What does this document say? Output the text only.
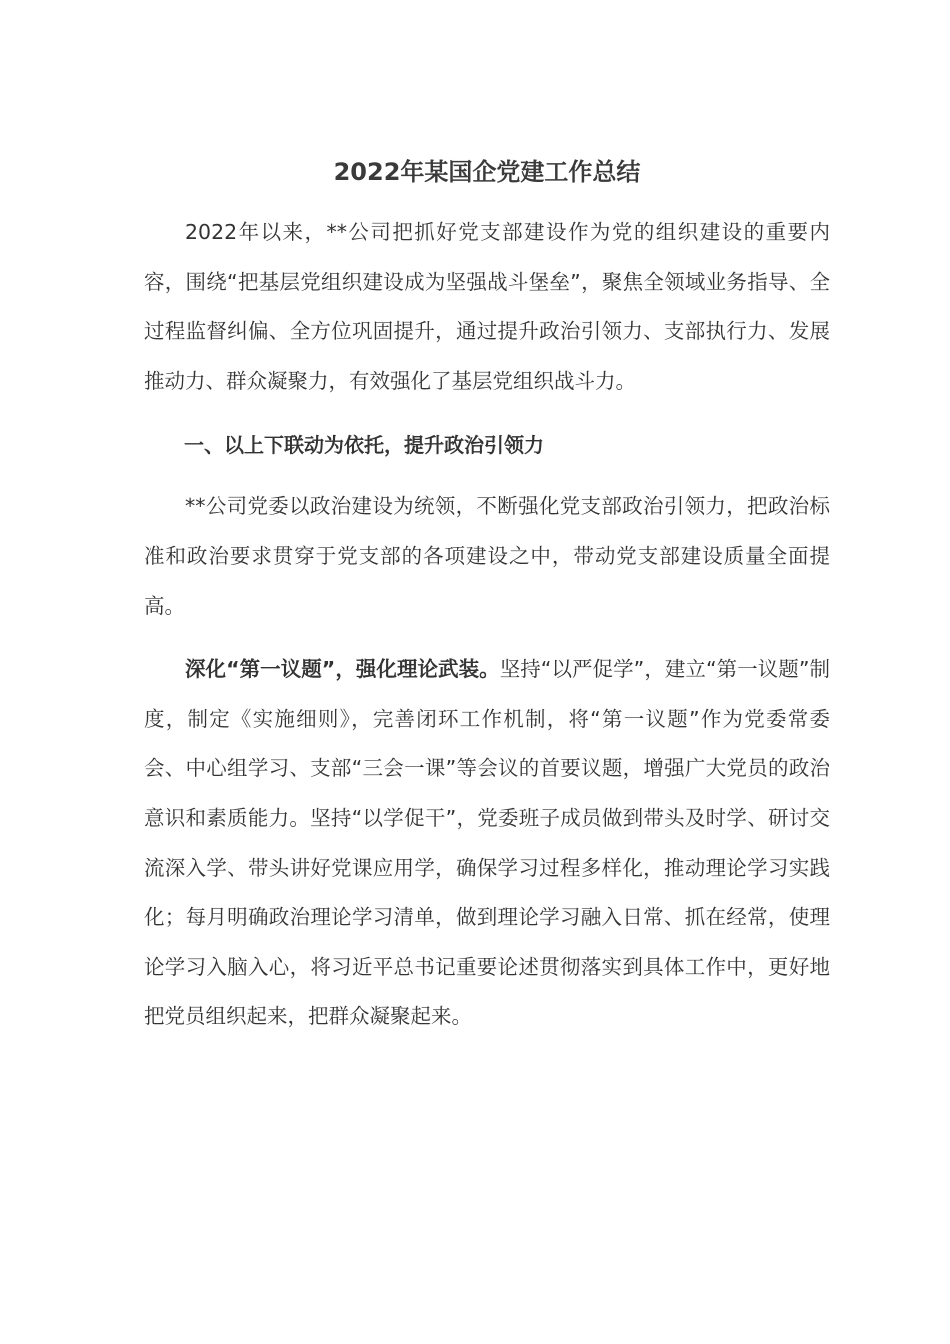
2022年某国企党建工作总结

2022年以来，**公司把抓好党支部建设作为党的组织建设的重要内容，围绕“把基层党组织建设成为坚强战斗堡垒”，聚焦全领域业务指导、全过程监督纠偏、全方位巩固提升，通过提升政治引领力、支部执行力、发展推动力、群众凝聚力，有效强化了基层党组织战斗力。

一、以上下联动为依托，提升政治引领力

**公司党委以政治建设为统领，不断强化党支部政治引领力，把政治标准和政治要求贯穿于党支部的各项建设之中，带动党支部建设质量全面提高。

深化“第一议题”，强化理论武装。坚持“以严促学”，建立“第一议题”制度，制定《实施细则》，完善闭环工作机制，将“第一议题”作为党委常委会、中心组学习、支部“三会一课”等会议的首要议题，增强广大党员的政治意识和素质能力。坚持“以学促干”，党委班子成员做到带头及时学、研讨交流深入学、带头讲好党课应用学，确保学习过程多样化，推动理论学习实践化；每月明确政治理论学习清单，做到理论学习融入日常、抓在经常，使理论学习入脑入心，将习近平总书记重要论述贯彻落实到具体工作中，更好地把党员组织起来，把群众凝聚起来。
